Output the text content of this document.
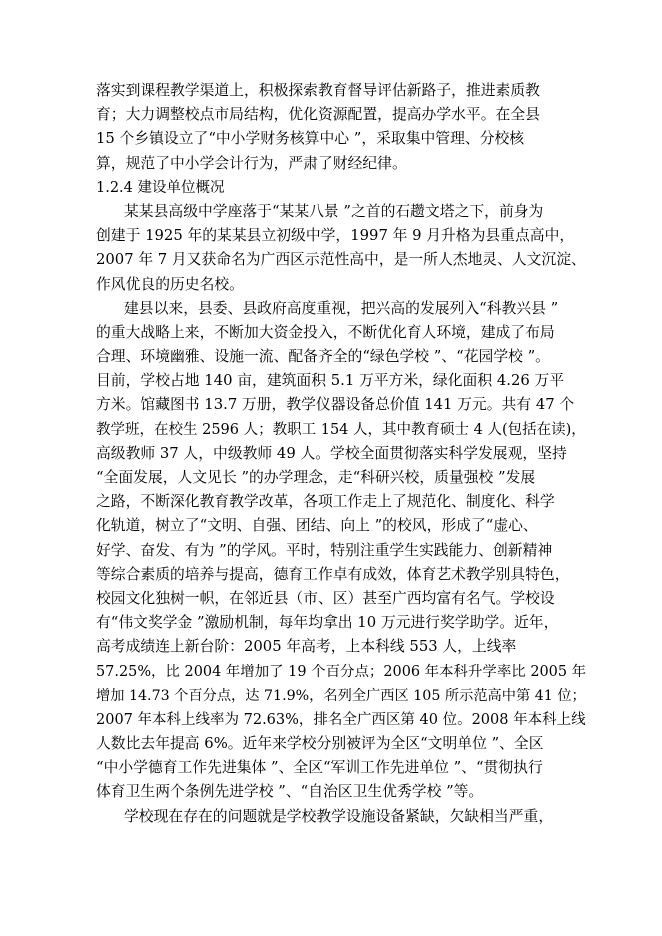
落实到课程教学渠道上，积极探索教育督导评估新路子，推进素质教
育；大力调整校点市局结构，优化资源配置，提高办学水平。在全县
15 个乡镇设立了“中小学财务核算中心 ”，采取集中管理、分校核
算，规范了中小学会计行为，严肃了财经纪律。
1.2.4 建设单位概况
某某县高级中学座落于“某某八景 ”之首的石趱文塔之下，前身为
创建于 1925 年的某某县立初级中学，1997 年 9 月升格为县重点高中，
2007 年 7 月又获命名为广西区示范性高中，是一所人杰地灵、人文沉淀、
作风优良的历史名校。
建县以来，县委、县政府高度重视，把兴高的发展列入“科教兴县 ”
的重大战略上来，不断加大资金投入，不断优化育人环境，建成了布局
合理、环境幽雅、设施一流、配备齐全的“绿色学校 ”、“花园学校 ”。
目前，学校占地 140 亩，建筑面积 5.1 万平方米，绿化面积 4.26 万平
方米。馆藏图书 13.7 万册，教学仪器设备总价值 141 万元。共有 47 个
教学班，在校生 2596 人；教职工 154 人，其中教育硕士 4 人(包括在读)，
高级教师 37 人，中级教师 49 人。学校全面贯彻落实科学发展观，坚持
“全面发展，人文见长 ”的办学理念，走“科研兴校，质量强校 ”发展
之路，不断深化教育教学改革，各项工作走上了规范化、制度化、科学
化轨道，树立了“文明、自强、团结、向上 ”的校风，形成了“虚心、
好学、奋发、有为 ”的学风。平时，特别注重学生实践能力、创新精神
等综合素质的培养与提高，德育工作卓有成效，体育艺术教学别具特色，
校园文化独树一帜，在邻近县（市、区）甚至广西均富有名气。学校设
有“伟文奖学金 ”激励机制，每年均拿出 10 万元进行奖学助学。近年，
高考成绩连上新台阶：2005 年高考，上本科线 553 人，上线率
57.25%，比 2004 年增加了 19 个百分点；2006 年本科升学率比 2005 年
增加 14.73 个百分点，达 71.9%，名列全广西区 105 所示范高中第 41 位；
2007 年本科上线率为 72.63%，排名全广西区第 40 位。2008 年本科上线
人数比去年提高 6%。近年来学校分别被评为全区“文明单位 ”、全区
“中小学德育工作先进集体 ”、全区“军训工作先进单位 ”、“贯彻执行
体育卫生两个条例先进学校 ”、“自治区卫生优秀学校 ”等。
学校现在存在的问题就是学校教学设施设备紧缺，欠缺相当严重，
